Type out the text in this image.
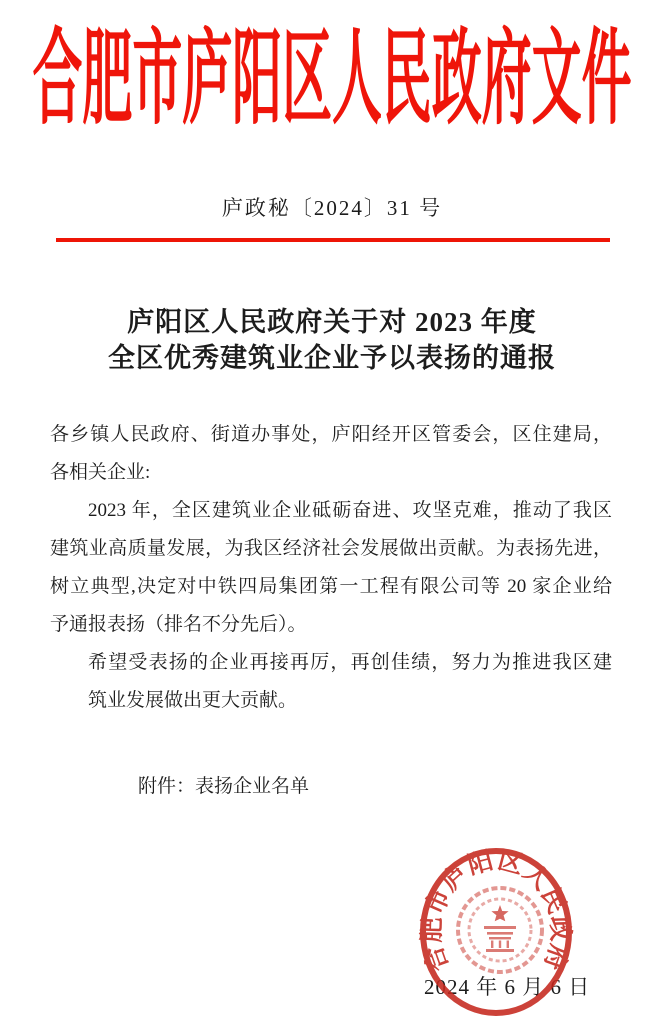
合肥市庐阳区人民政府文件
庐政秘〔2024〕31 号
庐阳区人民政府关于对 2023 年度
全区优秀建筑业企业予以表扬的通报
各乡镇人民政府、街道办事处，庐阳经开区管委会，区住建局，
各相关企业:
2023 年，全区建筑业企业砥砺奋进、攻坚克难，推动了我区
建筑业高质量发展，为我区经济社会发展做出贡献。为表扬先进，
树立典型,决定对中铁四局集团第一工程有限公司等 20 家企业给
予通报表扬（排名不分先后）。
希望受表扬的企业再接再厉，再创佳绩，努力为推进我区建
筑业发展做出更大贡献。
附件：表扬企业名单
2024 年 6 月 6 日
合肥市庐阳区人民政府
